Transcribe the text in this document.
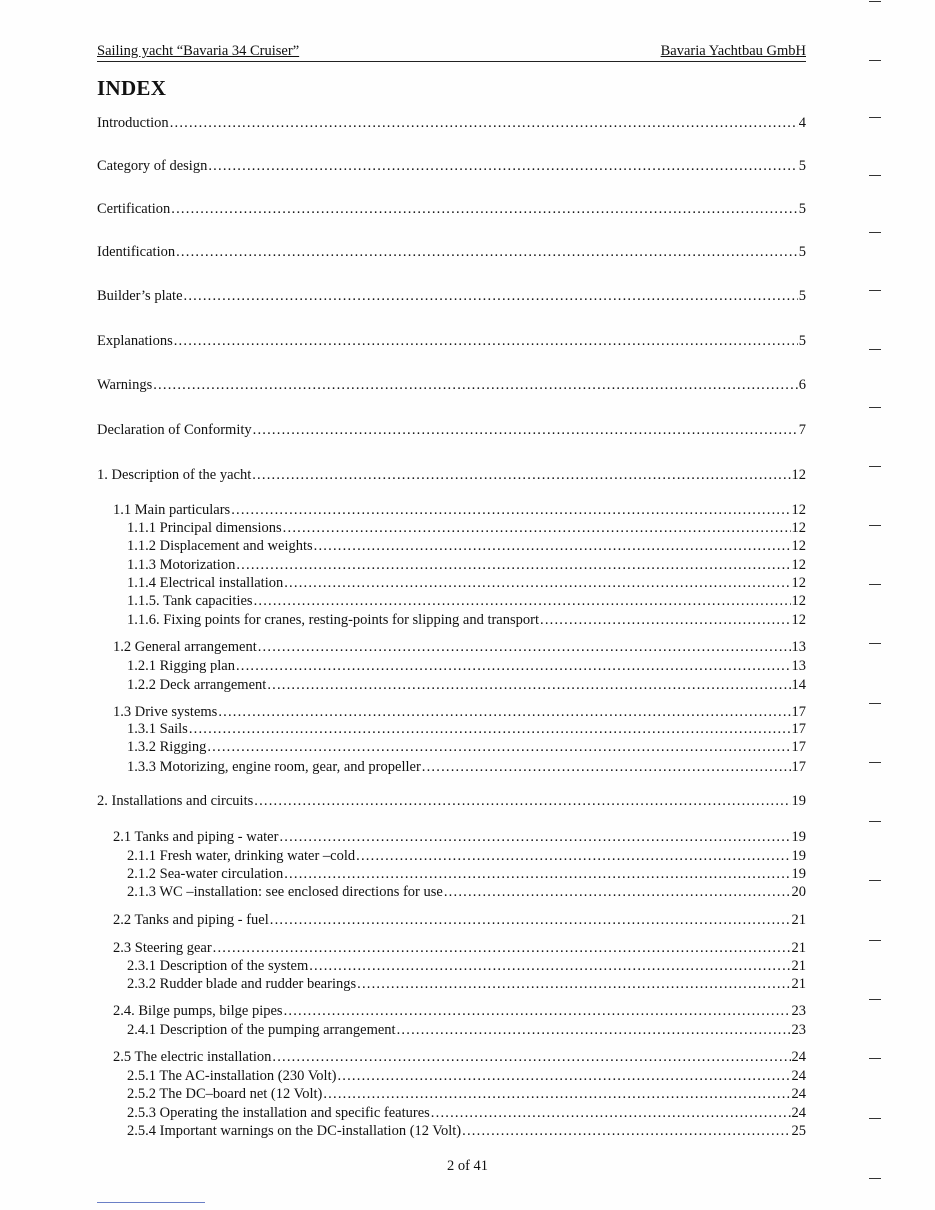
Sailing yacht “Bavaria 34 Cruiser”	Bavaria Yachtbau GmbH
INDEX
Introduction .....	4
Category of design .....	5
Certification .....	5
Identification .....	5
Builder’s plate .....	5
Explanations .....	5
Warnings .....	6
Declaration of Conformity .....	7
1. Description of the yacht .....	12
1.1 Main particulars .....	12
1.1.1 Principal dimensions .....	12
1.1.2 Displacement and weights .....	12
1.1.3 Motorization .....	12
1.1.4 Electrical installation .....	12
1.1.5. Tank capacities .....	12
1.1.6. Fixing points for cranes, resting-points for slipping and transport .....	12
1.2 General arrangement .....	13
1.2.1 Rigging plan .....	13
1.2.2 Deck arrangement .....	14
1.3 Drive systems .....	17
1.3.1 Sails .....	17
1.3.2 Rigging .....	17
1.3.3 Motorizing, engine room, gear, and propeller .....	17
2. Installations and circuits .....	19
2.1 Tanks and piping - water .....	19
2.1.1 Fresh water, drinking water –cold .....	19
2.1.2 Sea-water circulation .....	19
2.1.3 WC –installation: see enclosed directions for use .....	20
2.2 Tanks and piping - fuel .....	21
2.3 Steering gear .....	21
2.3.1 Description of the system .....	21
2.3.2 Rudder blade and rudder bearings .....	21
2.4. Bilge pumps, bilge pipes .....	23
2.4.1 Description of the pumping arrangement .....	23
2.5 The electric installation .....	24
2.5.1 The AC-installation (230 Volt) .....	24
2.5.2 The DC–board net (12 Volt) .....	24
2.5.3 Operating the installation and specific features .....	24
2.5.4 Important warnings on the DC-installation (12 Volt) .....	25
2 of 41
